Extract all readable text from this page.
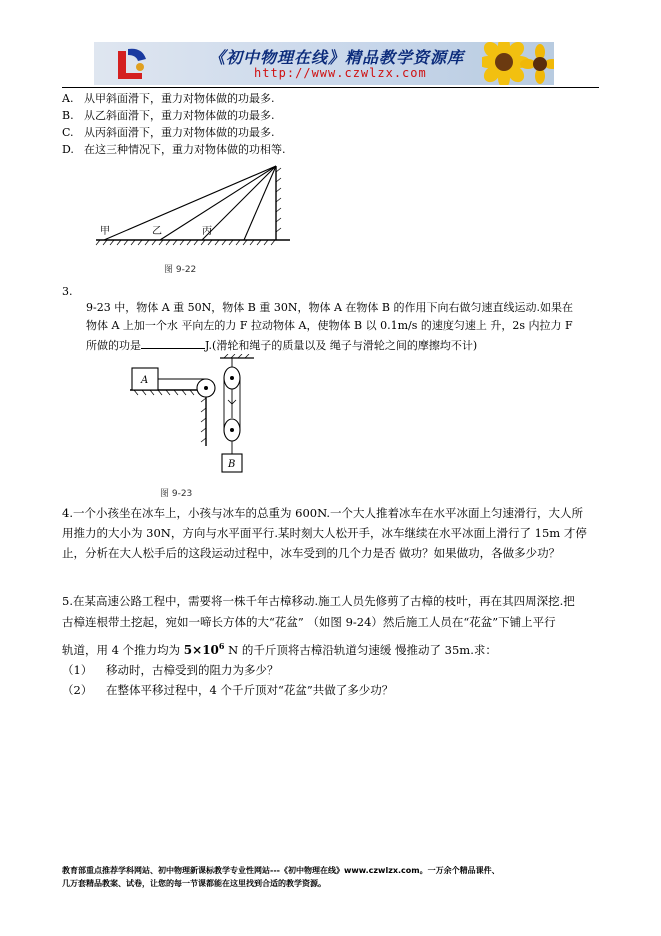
《初中物理在线》精品教学资源库
http://www.czwlzx.com
A. 从甲斜面滑下，重力对物体做的功最多.
B. 从乙斜面滑下，重力对物体做的功最多.
C. 从丙斜面滑下，重力对物体做的功最多.
D. 在这三种情况下，重力对物体做的功相等.
甲	乙	丙
图 9-22
3.
9-23 中，物体 A 重 50N，物体 B 重 30N，物体 A 在物体 B 的作用下向右做匀速直线运动.如果在
物体 A 上加一个水 平向左的力 F 拉动物体 A，使物体 B 以 0.1m/s 的速度匀速上 升，2s 内拉力 F
所做的功是	J.(滑轮和绳子的质量以及 绳子与滑轮之间的摩擦均不计)
A
B
图 9-23
4.一个小孩坐在冰车上，小孩与冰车的总重为 600N.一个大人推着冰车在水平冰面上匀速滑行，大人所
用推力的大小为 30N，方向与水平面平行.某时刻大人松开手，冰车继续在水平冰面上滑行了 15m 才停
止，分析在大人松手后的这段运动过程中，冰车受到的几个力是否 做功？如果做功，各做多少功？
5.在某高速公路工程中，需要将一株千年古樟移动.施工人员先修剪了古樟的枝叶，再在其四周深挖.把
古樟连根带土挖起，宛如一啼长方体的大“花盆” （如图 9-24）然后施工人员在“花盆”下铺上平行
轨道，用 4 个推力均为 $5\times 10^6$ N 的千斤顶将古樟沿轨道匀速缓 慢推动了 35m.求：
（1） 移动时，古樟受到的阻力为多少？
（2） 在整体平移过程中，4 个千斤顶对“花盆”共做了多少功？
教育部重点推荐学科网站、初中物理新课标教学专业性网站---《初中物理在线》www.czwlzx.com。一万余个精品课件、
几万套精品教案、试卷，让您的每一节课都能在这里找到合适的教学资源。
